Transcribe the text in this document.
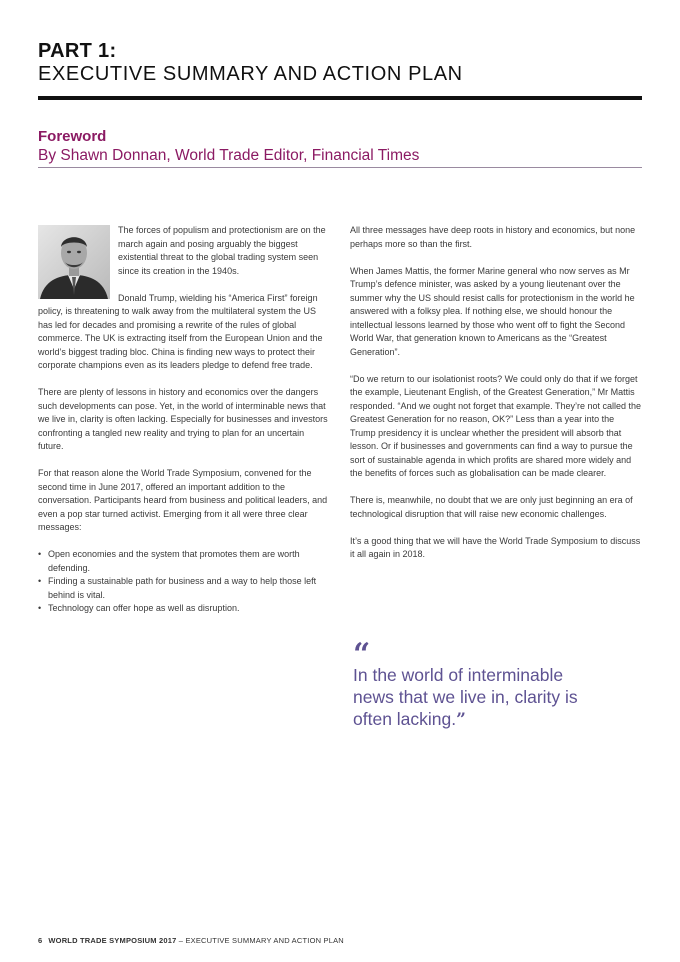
PART 1:
EXECUTIVE SUMMARY AND ACTION PLAN
Foreword
By Shawn Donnan, World Trade Editor, Financial Times

The forces of populism and protectionism are on the march again and posing arguably the biggest existential threat to the global trading system seen since its creation in the 1940s.

Donald Trump, wielding his “America First” foreign policy, is threatening to walk away from the multilateral system the US has led for decades and promising a rewrite of the rules of global commerce. The UK is extracting itself from the European Union and the world’s biggest trading bloc. China is finding new ways to protect their corporate champions even as its leaders pledge to defend free trade.

There are plenty of lessons in history and economics over the dangers such developments can pose. Yet, in the world of interminable news that we live in, clarity is often lacking. Especially for businesses and investors confronting a tangled new reality and trying to plan for an uncertain future.

For that reason alone the World Trade Symposium, convened for the second time in June 2017, offered an important addition to the conversation. Participants heard from business and political leaders, and even a pop star turned activist. Emerging from it all were three clear messages:

• Open economies and the system that promotes them are worth defending.
• Finding a sustainable path for business and a way to help those left behind is vital.
• Technology can offer hope as well as disruption.

All three messages have deep roots in history and economics, but none perhaps more so than the first.

When James Mattis, the former Marine general who now serves as Mr Trump’s defence minister, was asked by a young lieutenant over the summer why the US should resist calls for protectionism in the world he answered with a folksy plea. If nothing else, we should honour the intellectual lessons learned by those who went off to fight the Second World War, that generation known to Americans as the “Greatest Generation”.

“Do we return to our isolationist roots? We could only do that if we forget the example, Lieutenant English, of the Greatest Generation,” Mr Mattis responded. “And we ought not forget that example. They’re not called the Greatest Generation for no reason, OK?” Less than a year into the Trump presidency it is unclear whether the president will absorb that lesson. Or if businesses and governments can find a way to pursue the sort of sustainable agenda in which profits are shared more widely and the benefits of forces such as globalisation can be made clearer.

There is, meanwhile, no doubt that we are only just beginning an era of technological disruption that will raise new economic challenges.

It’s a good thing that we will have the World Trade Symposium to discuss it all again in 2018.

“
In the world of interminable news that we live in, clarity is often lacking.”
6 WORLD TRADE SYMPOSIUM 2017 – EXECUTIVE SUMMARY AND ACTION PLAN
